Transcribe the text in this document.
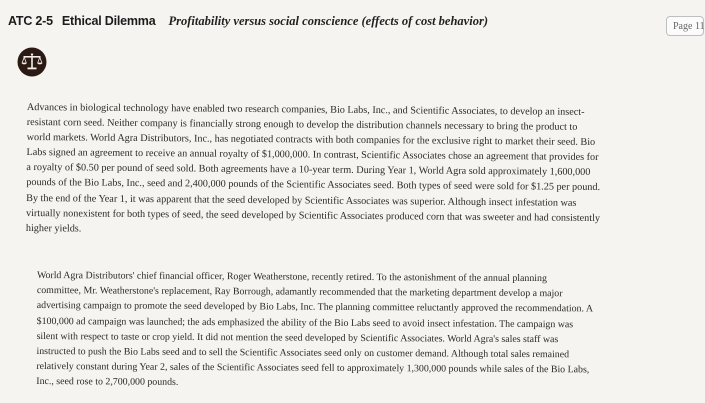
ATC 2-5 Ethical Dilemma Profitability versus social conscience (effects of cost behavior)	Page 11
Advances in biological technology have enabled two research companies, Bio Labs, Inc., and Scientific Associates, to develop an insect-
resistant corn seed. Neither company is financially strong enough to develop the distribution channels necessary to bring the product to
world markets. World Agra Distributors, Inc., has negotiated contracts with both companies for the exclusive right to market their seed. Bio
Labs signed an agreement to receive an annual royalty of $1,000,000. In contrast, Scientific Associates chose an agreement that provides for
a royalty of $0.50 per pound of seed sold. Both agreements have a 10-year term. During Year 1, World Agra sold approximately 1,600,000
pounds of the Bio Labs, Inc., seed and 2,400,000 pounds of the Scientific Associates seed. Both types of seed were sold for $1.25 per pound.
By the end of the Year 1, it was apparent that the seed developed by Scientific Associates was superior. Although insect infestation was
virtually nonexistent for both types of seed, the seed developed by Scientific Associates produced corn that was sweeter and had consistently
higher yields.
World Agra Distributors' chief financial officer, Roger Weatherstone, recently retired. To the astonishment of the annual planning
committee, Mr. Weatherstone's replacement, Ray Borrough, adamantly recommended that the marketing department develop a major
advertising campaign to promote the seed developed by Bio Labs, Inc. The planning committee reluctantly approved the recommendation. A
$100,000 ad campaign was launched; the ads emphasized the ability of the Bio Labs seed to avoid insect infestation. The campaign was
silent with respect to taste or crop yield. It did not mention the seed developed by Scientific Associates. World Agra's sales staff was
instructed to push the Bio Labs seed and to sell the Scientific Associates seed only on customer demand. Although total sales remained
relatively constant during Year 2, sales of the Scientific Associates seed fell to approximately 1,300,000 pounds while sales of the Bio Labs,
Inc., seed rose to 2,700,000 pounds.
